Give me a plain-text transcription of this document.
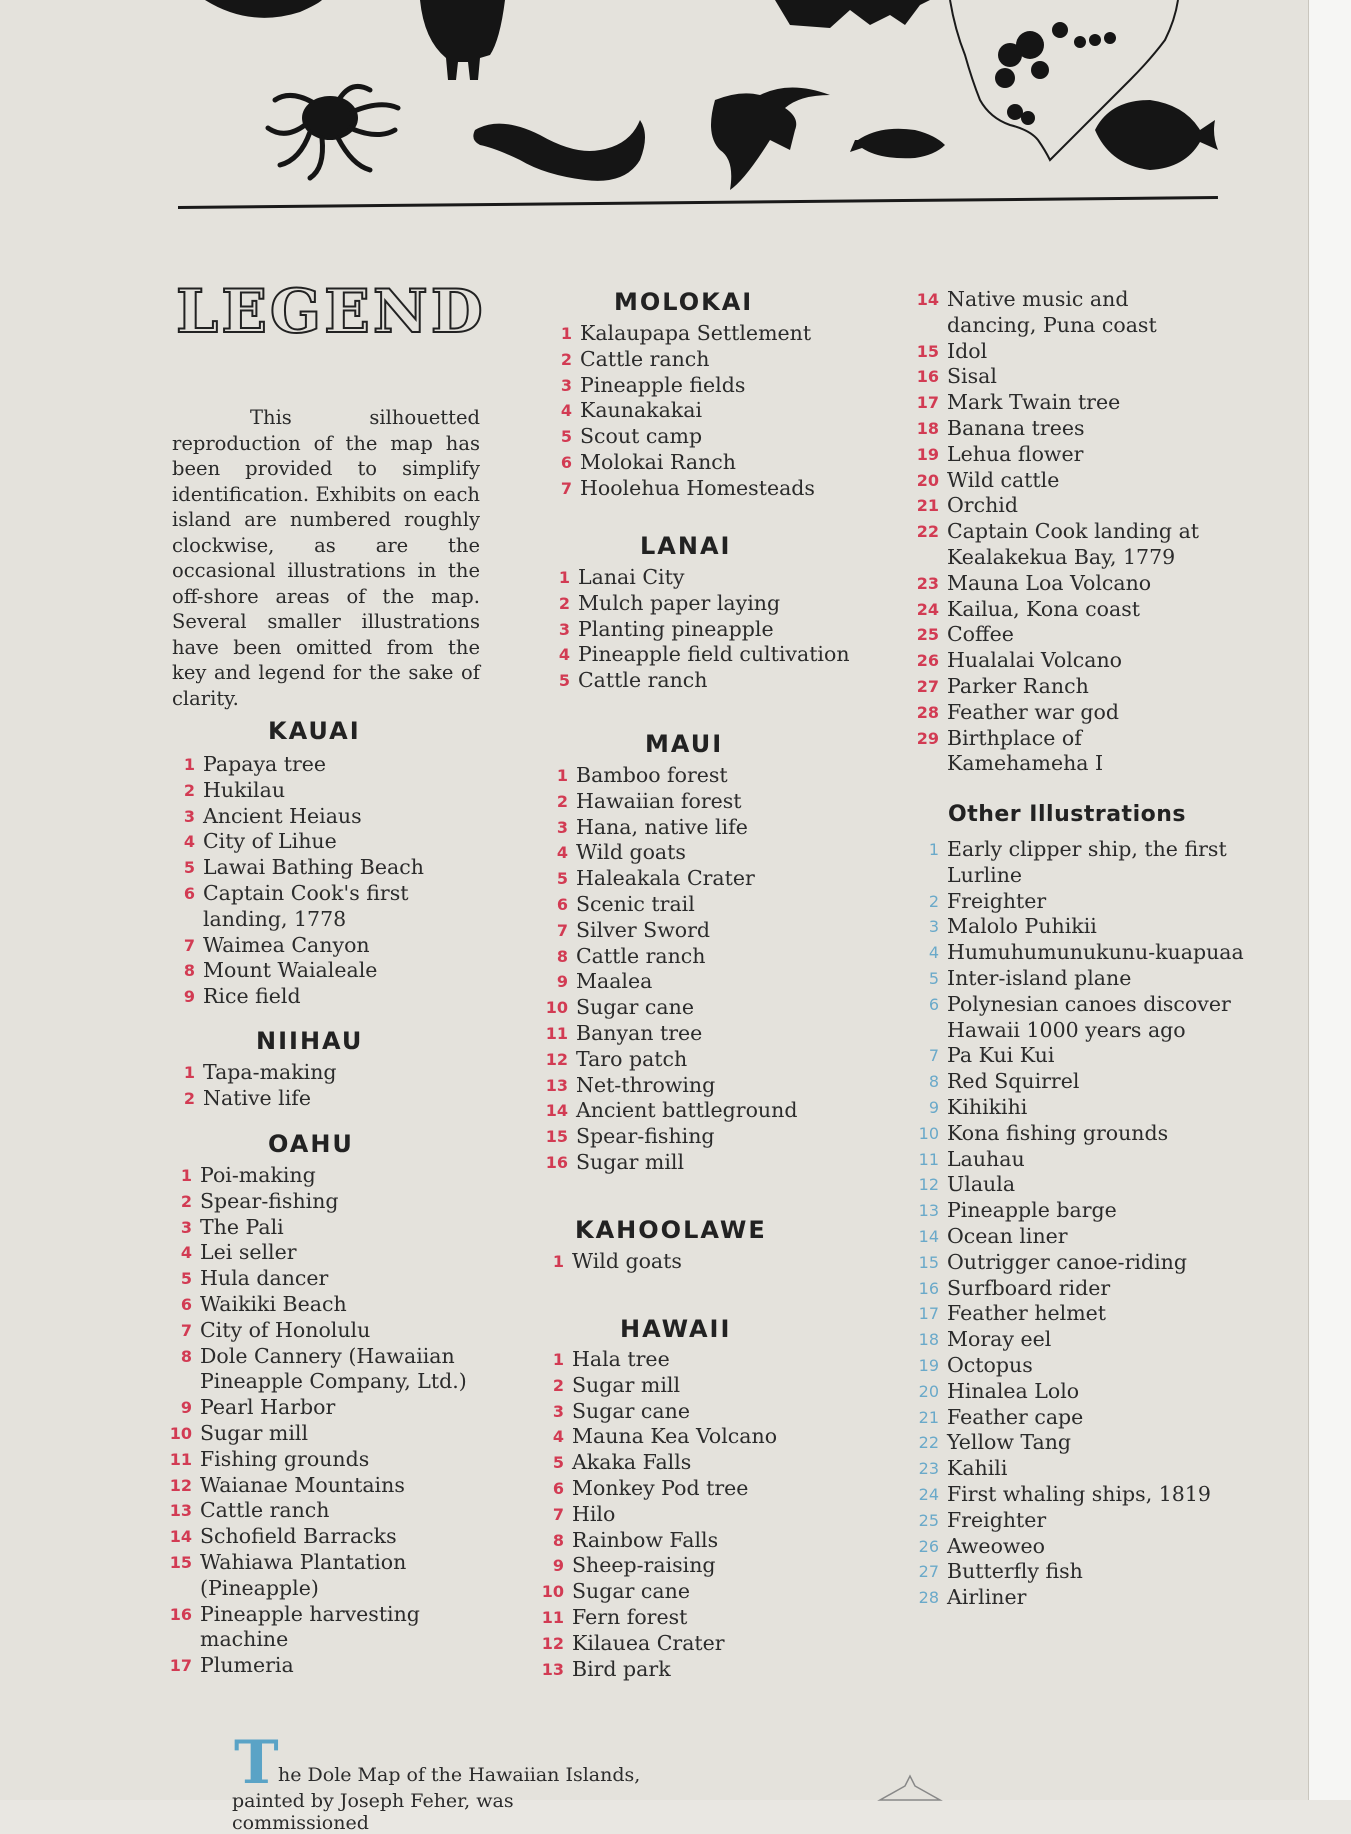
LEGEND

This silhouetted reproduction of the map has been provided to simplify identification. Exhibits on each island are numbered roughly clockwise, as are the occasional illustrations in the off-shore areas of the map. Several smaller illustrations have been omitted from the key and legend for the sake of clarity.

KAUAI
1 Papaya tree
2 Hukilau
3 Ancient Heiaus
4 City of Lihue
5 Lawai Bathing Beach
6 Captain Cook's first landing, 1778
7 Waimea Canyon
8 Mount Waialeale
9 Rice field
NIIHAU
1 Tapa-making
2 Native life
OAHU
1 Poi-making
2 Spear-fishing
3 The Pali
4 Lei seller
5 Hula dancer
6 Waikiki Beach
7 City of Honolulu
8 Dole Cannery (Hawaiian Pineapple Company, Ltd.)
9 Pearl Harbor
10 Sugar mill
11 Fishing grounds
12 Waianae Mountains
13 Cattle ranch
14 Schofield Barracks
15 Wahiawa Plantation (Pineapple)
16 Pineapple harvesting machine
17 Plumeria
MOLOKAI
1 Kalaupapa Settlement
2 Cattle ranch
3 Pineapple fields
4 Kaunakakai
5 Scout camp
6 Molokai Ranch
7 Hoolehua Homesteads
LANAI
1 Lanai City
2 Mulch paper laying
3 Planting pineapple
4 Pineapple field cultivation
5 Cattle ranch
MAUI
1 Bamboo forest
2 Hawaiian forest
3 Hana, native life
4 Wild goats
5 Haleakala Crater
6 Scenic trail
7 Silver Sword
8 Cattle ranch
9 Maalea
10 Sugar cane
11 Banyan tree
12 Taro patch
13 Net-throwing
14 Ancient battleground
15 Spear-fishing
16 Sugar mill
KAHOOLAWE
1 Wild goats
HAWAII
1 Hala tree
2 Sugar mill
3 Sugar cane
4 Mauna Kea Volcano
5 Akaka Falls
6 Monkey Pod tree
7 Hilo
8 Rainbow Falls
9 Sheep-raising
10 Sugar cane
11 Fern forest
12 Kilauea Crater
13 Bird park
14 Native music and dancing, Puna coast
15 Idol
16 Sisal
17 Mark Twain tree
18 Banana trees
19 Lehua flower
20 Wild cattle
21 Orchid
22 Captain Cook landing at Kealakekua Bay, 1779
23 Mauna Loa Volcano
24 Kailua, Kona coast
25 Coffee
26 Hualalai Volcano
27 Parker Ranch
28 Feather war god
29 Birthplace of Kamehameha I
Other Illustrations
1 Early clipper ship, the first Lurline
2 Freighter
3 Malolo Puhikii
4 Humuhumunukunu-kuapuaa
5 Inter-island plane
6 Polynesian canoes discover Hawaii 1000 years ago
7 Pa Kui Kui
8 Red Squirrel
9 Kihikihi
10 Kona fishing grounds
11 Lauhau
12 Ulaula
13 Pineapple barge
14 Ocean liner
15 Outrigger canoe-riding
16 Surfboard rider
17 Feather helmet
18 Moray eel
19 Octopus
20 Hinalea Lolo
21 Feather cape
22 Yellow Tang
23 Kahili
24 First whaling ships, 1819
25 Freighter
26 Aweoweo
27 Butterfly fish
28 Airliner
T he Dole Map of the Hawaiian Islands,
painted by Joseph Feher, was commissioned
